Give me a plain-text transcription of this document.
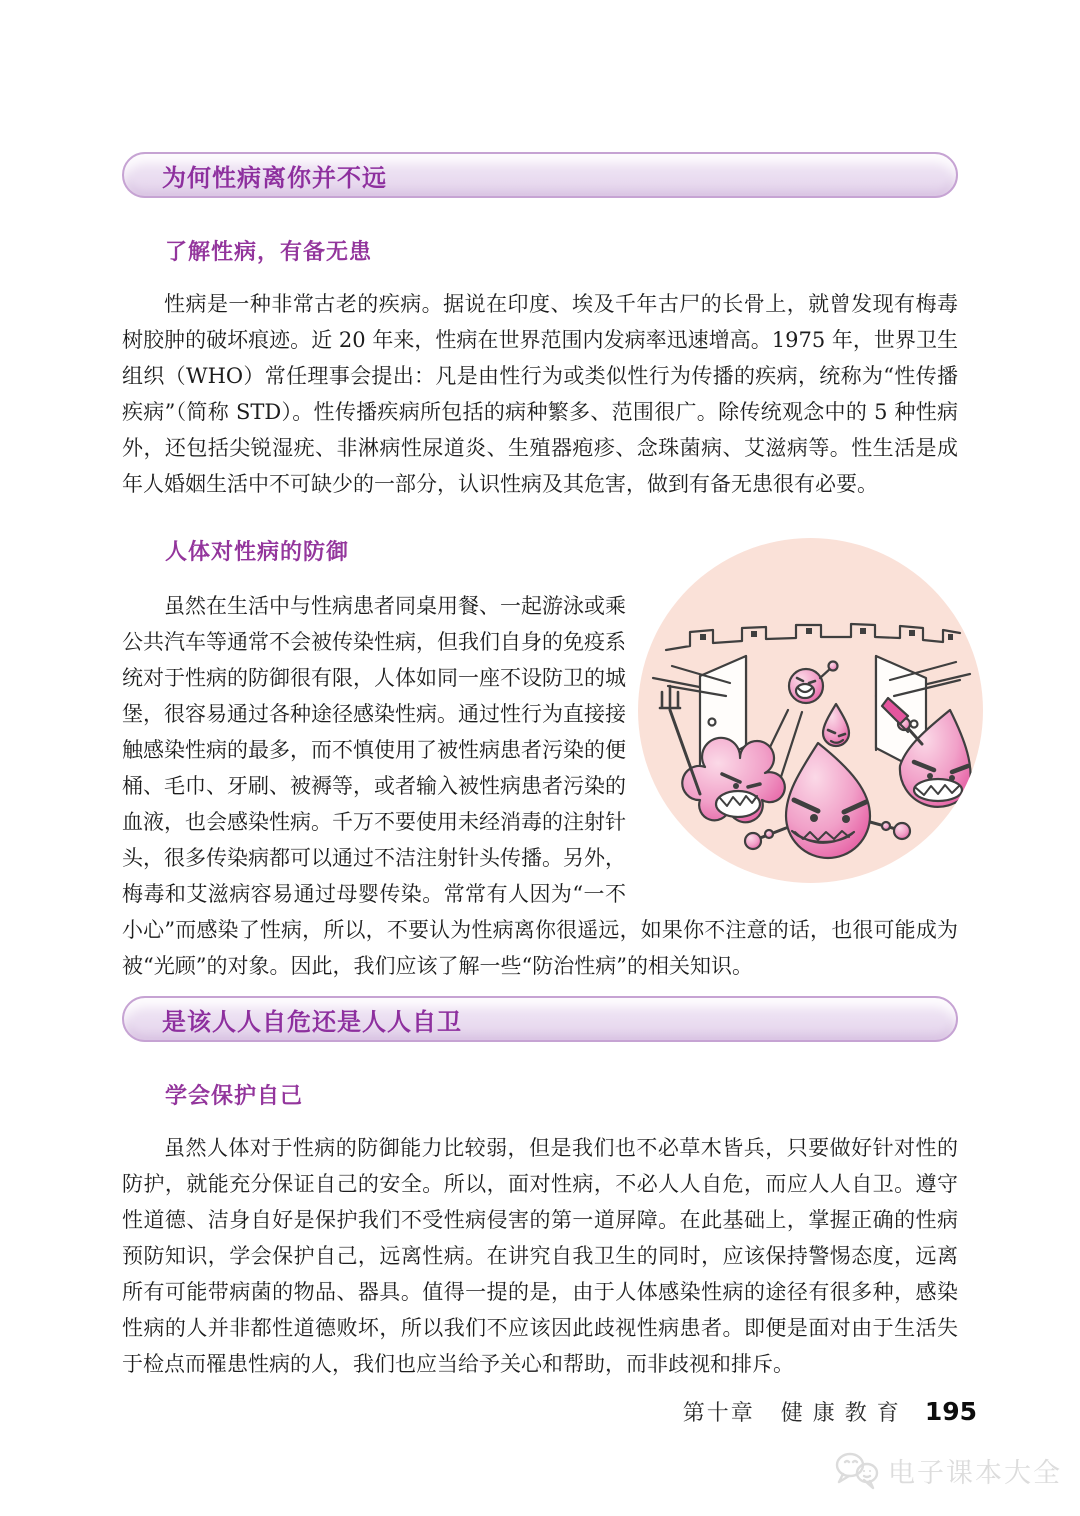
为何性病离你并不远
了解性病，有备无患

性病是一种非常古老的疾病。据说在印度、埃及千年古尸的长骨上，就曾发现有梅毒树胶肿的破坏痕迹。近 20 年来，性病在世界范围内发病率迅速增高。1975 年，世界卫生组织（WHO）常任理事会提出：凡是由性行为或类似性行为传播的疾病，统称为“性传播疾病”（简称 STD）。性传播疾病所包括的病种繁多、范围很广。除传统观念中的 5 种性病外，还包括尖锐湿疣、非淋病性尿道炎、生殖器疱疹、念珠菌病、艾滋病等。性生活是成年人婚姻生活中不可缺少的一部分，认识性病及其危害，做到有备无患很有必要。

人体对性病的防御

虽然在生活中与性病患者同桌用餐、一起游泳或乘公共汽车等通常不会被传染性病，但我们自身的免疫系统对于性病的防御很有限，人体如同一座不设防卫的城堡，很容易通过各种途径感染性病。通过性行为直接接触感染性病的最多，而不慎使用了被性病患者污染的便桶、毛巾、牙刷、被褥等，或者输入被性病患者污染的血液，也会感染性病。千万不要使用未经消毒的注射针头，很多传染病都可以通过不洁注射针头传播。另外，梅毒和艾滋病容易通过母婴传染。常常有人因为“一不小心”而感染了性病，所以，不要认为性病离你很遥远，如果你不注意的话，也很可能成为被“光顾”的对象。因此，我们应该了解一些“防治性病”的相关知识。

是该人人自危还是人人自卫
学会保护自己

虽然人体对于性病的防御能力比较弱，但是我们也不必草木皆兵，只要做好针对性的防护，就能充分保证自己的安全。所以，面对性病，不必人人自危，而应人人自卫。遵守性道德、洁身自好是保护我们不受性病侵害的第一道屏障。在此基础上，掌握正确的性病预防知识，学会保护自己，远离性病。在讲究自我卫生的同时，应该保持警惕态度，远离所有可能带病菌的物品、器具。值得一提的是，由于人体感染性病的途径有很多种，感染性病的人并非都性道德败坏，所以我们不应该因此歧视性病患者。即便是面对由于生活失于检点而罹患性病的人，我们也应当给予关心和帮助，而非歧视和排斥。

第十章 健康教育 195
电子课本大全
